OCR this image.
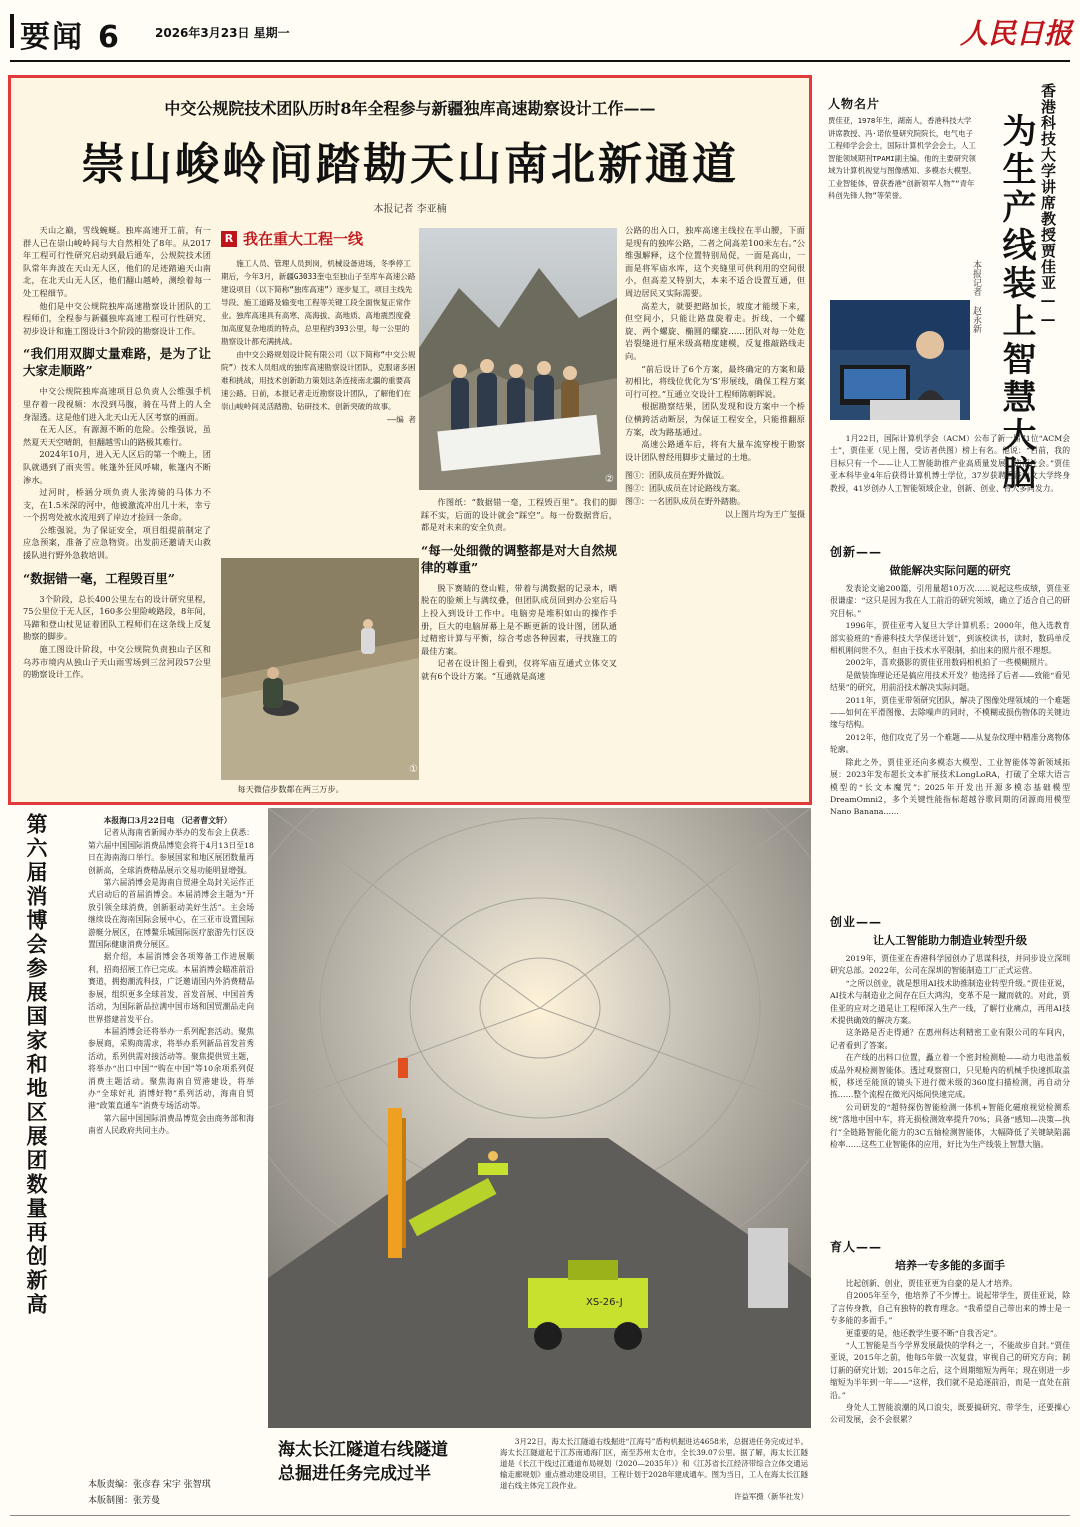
要闻 6	2026年3月23日 星期一	人民日报
中交公规院技术团队历时8年全程参与新疆独库高速勘察设计工作——
崇山峻岭间踏勘天山南北新通道
本报记者 李亚楠

天山之巅，雪线蜿蜒。独库高速开工前，有一群人已在崇山峻岭间与大自然相处了8年。从2017年工程可行性研究启动到最后通车，公规院技术团队常年奔波在天山无人区，他们的足迹踏遍天山南北，在北天山无人区，他们翻山越岭，测绘着每一处工程细节。

他们是中交公规院独库高速勘察设计团队的工程师们，全程参与新疆独库高速工程可行性研究、初步设计和施工图设计3个阶段的勘察设计工作。

“我们用双脚丈量难路，是为了让大家走顺路”

中交公规院独库高速项目总负责人公维强手机里存着一段视频：水没到马腹，骑在马背上的人全身湿透。这是他们进入北天山无人区考察的画面。

在无人区，有源源不断的危险。公维强说，虽然夏天天空晴朗，但翻越雪山的路极其难行。

2024年10月，进入无人区后的第一个晚上，团队就遇到了雨夹雪。帐篷外狂风呼啸，帐篷内不断渗水。

过河时，桥涵分项负责人张涛骑的马体力不支，在1.5米深的河中，他被激流冲出几十米，幸亏一个拐弯处被水流甩到了岸边才捡回一条命。

公维强说，为了保证安全，项目组提前制定了应急预案，准备了应急物资。出发前还邀请天山救援队进行野外急救培训。

“数据错一毫，工程毁百里”

3个阶段，总长400公里左右的设计研究里程，75公里位于无人区，160多公里险峻路段，8年间，马蹄和登山杖见证着团队工程师们在这条线上反复勘察的脚步。

施工图设计阶段，中交公规院负责独山子区和乌苏市境内从独山子天山雨雪场到三岔河段57公里的勘察设计工作。

R 我在重大工程一线

施工人员、管理人员到岗，机械设备进场，冬季停工期后，今年3月，新疆G3033奎屯至独山子至库车高速公路建设项目（以下简称“独库高速”）逐步复工，项目主线先导段、施工道路及输变电工程等关键工段全面恢复正常作业。独库高速具有高寒、高海拔、高地质、高地震烈度叠加高度复杂地质的特点，总里程约393公里，每一公里的勘察设计都充满挑战。

由中交公路规划设计院有限公司（以下简称“中交公规院”）技术人员组成的独库高速勘察设计团队，克服诸多困难和挑战，用技术创新助力策划这条连接南北疆的重要高速公路。日前，本报记者走近勘察设计团队，了解他们在崇山峻岭间灵活踏勘、钻研技术、创新突破的故事。

——编 者

②
①

作图纸：“数据错一毫，工程毁百里”。我们的脚踩不实，后面的设计就会“踩空”。每一份数据背后，都是对未来的安全负责。

“每一处细微的调整都是对大自然规律的尊重”

脱下赛睛的登山鞋，带着与满数据的记录本，晒脱在的脸颊上与满纹叠，但团队成员回到办公室后马上投入到设计工作中。电脑旁是堆积如山的操作手册，巨大的电脑屏幕上是不断更新的设计图，团队通过精密计算与平衡，综合考虑各种因素，寻找施工的最佳方案。

记者在设计图上看到，仅将军庙互通式立体交叉就有6个设计方案。“互通就是高速

每天微信步数都在两三万步。

公路的出入口，独库高速主线拉在半山腰，下面是现有的独库公路，二者之间高差100米左右。”公维强解释，这个位置特别局促，一面是高山，一面是将军庙水库，这个夹缝里可供利用的空间很小，但高差又特别大，本来不适合设置互通，但周边居民又实际需要。

高差大，就要把路加长，坡度才能缓下来，但空间小，只能让路盘旋着走。折线、一个螺旋、两个螺旋、椭圆的螺旋……团队对每一处危岩裂缝进行厘米级高精度建模，反复推敲路线走向。

“前后设计了6个方案，最终确定的方案和最初相比，将线位优化为‘S’形展线，确保工程方案可行可控。”互通立交设计工程师陈朝晖说。

根据勘察结果，团队发现和设方案中一个桥位横跨活动断层，为保证工程安全，只能推翻原方案，改为路基通过。

高速公路通车后，将有大量车流穿梭于勘察设计团队曾经用脚步丈量过的土地。

图①：团队成员在野外做饭。
图②：团队成员在讨论路线方案。
图③：一名团队成员在野外踏勘。
以上图片均为王广玺摄
人物名片
贾佳亚，1978年生，湖南人，香港科技大学讲席教授、冯·诺依曼研究院院长，电气电子工程师学会会士，国际计算机学会会士，人工智能领域期刊TPAMI副主编。他的主要研究领域为计算机视觉与图像感知、多模态大模型、工业智能体，曾获香港“创新领军人物”“青年科创先锋人物”等荣誉。	香港科技大学讲席教授贾佳亚——
为生产线装上智慧大脑
本报记者 赵永新

1月22日，国际计算机学会（ACM）公布了新一届71位“ACM会士”，贾佳亚（见上图，受访者供图）榜上有名。他说：“目前，我的目标只有一个——让人工智能助推产业高质量发展，造福社会。”贾佳亚本科毕业4年后获得计算机博士学位，37岁获聘香港中文大学终身教授，41岁创办人工智能领域企业，创新、创业、育人多向发力。

创新——
做能解决实际问题的研究

发表论文逾200篇，引用量超10万次……说起这些成绩，贾佳亚很谦虚：“这只是因为我在人工前沿的研究领域，确立了适合自己的研究目标。”

1996年，贾佳亚考入复旦大学计算机系；2000年，他入选教育部实验班的“香港科技大学保送计划”，到该校读书，读时，数码单反相机刚问世不久，但由于技术水平限制，拍出来的照片很不理想。

2002年，喜欢摄影的贾佳亚用数码相机拍了一些模糊照片。

是做装饰理论还是搞应用技术开发？他选择了后者——致能“看见结果”的研究，用前沿技术解决实际问题。

2011年，贾佳亚带领研究团队，解决了图像处理领域的一个难题——如何在平滑图像、去除噪声的同时，不模糊或损伤物体的关键边缘与结构。

2012年，他们攻克了另一个难题——从复杂纹理中精准分离物体轮廓。

除此之外，贾佳亚还向多模态大模型、工业智能体等新领域拓展：2023年发布超长文本扩展技术LongLoRA，打破了全球大语言模型的“长文本魔咒”；2025年开发出开源多模态基础模型DreamOmni2，多个关键性能指标超越谷歌同期的闭源商用模型Nano Banana……

创业——
让人工智能助力制造业转型升级

2019年，贾佳亚在香港科学园创办了思谋科技，并同步设立深圳研究总部。2022年，公司在深圳的智能制造工厂正式运营。

“之所以创业，就是想用AI技术助推制造业转型升级。”贾佳亚说，AI技术与制造业之间存在巨大鸿沟，变革不是一蹴而就的。对此，贾佳亚的应对之道是让工程师深入生产一线，了解行业痛点，再用AI技术提供确效的解决方案。

这条路是否走得通？在惠州科达利精密工业有限公司的车间内，记者看到了答案。

在产线的出料口位置，矗立着一个密封检测舱——动力电池盖板成品外观检测智能体。透过观察窗口，只见舱内的机械手快速抓取盖板，移送至能顶的镜头下进行微米级的360度扫描检测，再自动分拣……整个流程在微光闪烁间快速完成。

公司研发的“超特探伤智能检测一体机+智能化磁痕视觉检测系统”落地中国中车，将无损检测效率提升70%；具备“感知—决策—执行”全链路智能化能力的3C五轴检测智能体，大幅降低了关键缺陷漏检率……这些工业智能体的应用，好比为生产线装上智慧大脑。

育人——
培养一专多能的多面手

比起创新、创业，贾佳亚更为自豪的是人才培养。

自2005年至今，他培养了不少博士。说起带学生，贾佳亚说，除了言传身教，自己有独特的教育理念。“我希望自己带出来的博士是一专多能的多面手。”

更重要的是，他还教学生要不断“自我否定”。

“人工智能是当今学界发展最快的学科之一，不能故步自封。”贾佳亚说，2015年之前，他每5年做一次复盘，审视自己的研究方向；制订新的研究计划；2015年之后，这个周期缩短为两年；现在则进一步缩短为半年到一年——“这样，我们就不是追逐前沿，而是一直处在前沿。”

身处人工智能浪潮的风口浪尖，既要搞研究、带学生，还要操心公司发展，会不会很累？

第六届消博会参展国家和地区展团数量再创新高	本报海口3月22日电 （记者曹文轩）

记者从海南省新闻办举办的发布会上获悉：第六届中国国际消费品博览会将于4月13日至18日在海南海口举行。参展国家和地区展团数量再创新高，全球消费精品展示交易功能明显增强。

第六届消博会是海南自贸港全岛封关运作正式启动后的首届消博会。本届消博会主题为“开放引领全球消费，创新驱动美好生活”。主会场继续设在海南国际会展中心，在三亚市设置国际游艇分展区，在博鳌乐城国际医疗旅游先行区设置国际健康消费分展区。

据介绍，本届消博会各项筹备工作进展顺利，招商招展工作已完成。本届消博会瞄准前沿赛道，拥抱潮流科技，广泛邀请国内外消费精品参展，组织更多全球首发、首发首展、中国首秀活动，为国际新品拉满中国市场和国贸潮品走向世界搭建首发平台。

本届消博会还将举办一系列配套活动。聚焦参展商，采购商需求，将举办系列新品首发首秀活动，系列供需对接活动等。聚焦提供贸主题，将举办“出口中国”“购在中国”等10余项系列促消费主题活动。聚焦海南自贸港建设，将举办“全球好礼 消博好物”系列活动，海南自贸港“政策直通车”消费专场活动等。

第六届中国国际消费品博览会由商务部和海南省人民政府共同主办。

本版责编：张彦春 宋宇 张智琪
本版制图：张芳曼
XS-26-J
海太长江隧道右线隧道
总掘进任务完成过半

3月22日，海太长江隧道右线掘进“江海号”盾构机掘进达4658米，总掘进任务完成过半。海太长江隧道起于江苏南通海门区，南至苏州太仓市，全长39.07公里。据了解，海太长江隧道是《长江干线过江通道布局规划（2020—2035年）》和《江苏省长江经济带综合立体交通运输走廊规划》重点推动建设项目，工程计划于2028年建成通车。图为当日，工人在海太长江隧道右线主体完工段作业。

许益军摄（新华社发）
